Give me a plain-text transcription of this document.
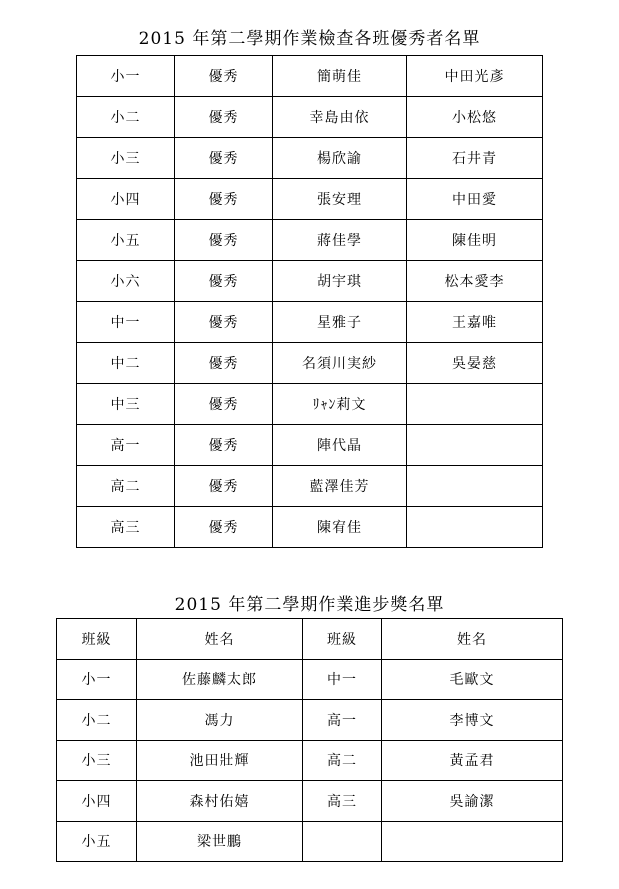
2015 年第二學期作業檢查各班優秀者名單
小一	優秀	簡萌佳	中田光彥
小二	優秀	幸島由依	小松悠
小三	優秀	楊欣諭	石井青
小四	優秀	張安理	中田愛
小五	優秀	蔣佳學	陳佳明
小六	優秀	胡宇琪	松本愛李
中一	優秀	星雅子	王嘉唯
中二	優秀	名須川実紗	吳晏慈
中三	優秀	ﾘｬﾝ莉文	
高一	優秀	陣代晶	
高二	優秀	藍澤佳芳	
高三	優秀	陳宥佳	
2015 年第二學期作業進步獎名單
班級	姓名	班級	姓名
小一	佐藤麟太郎	中一	毛歐文
小二	馮力	高一	李博文
小三	池田壯輝	高二	黃孟君
小四	森村佑嬉	高三	吳諭潔
小五	梁世鵬		
